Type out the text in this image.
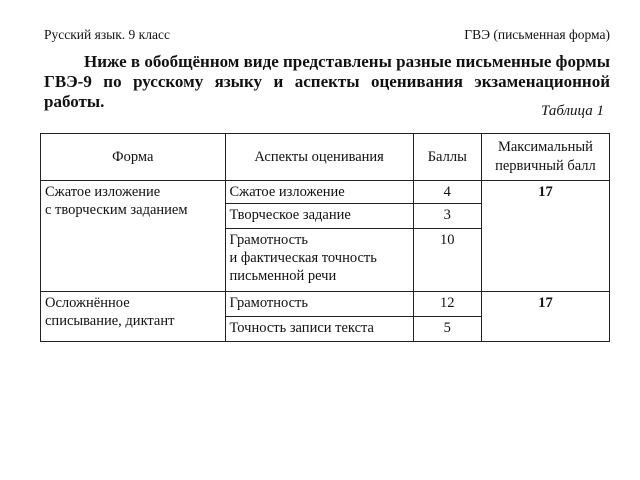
Русский язык. 9 класс	ГВЭ (письменная форма)
Ниже в обобщённом виде представлены разные письменные формы
ГВЭ-9 по русскому языку и аспекты оценивания экзаменационной работы.	Таблица 1
Форма	Аспекты оценивания	Баллы	Максимальный
первичный балл
Сжатое изложение
с творческим заданием	Сжатое изложение	4	17
	Творческое задание	3	
	Грамотность
и фактическая точность
письменной речи	10	
Осложнённое
списывание, диктант	Грамотность	12	17
	Точность записи текста	5	
